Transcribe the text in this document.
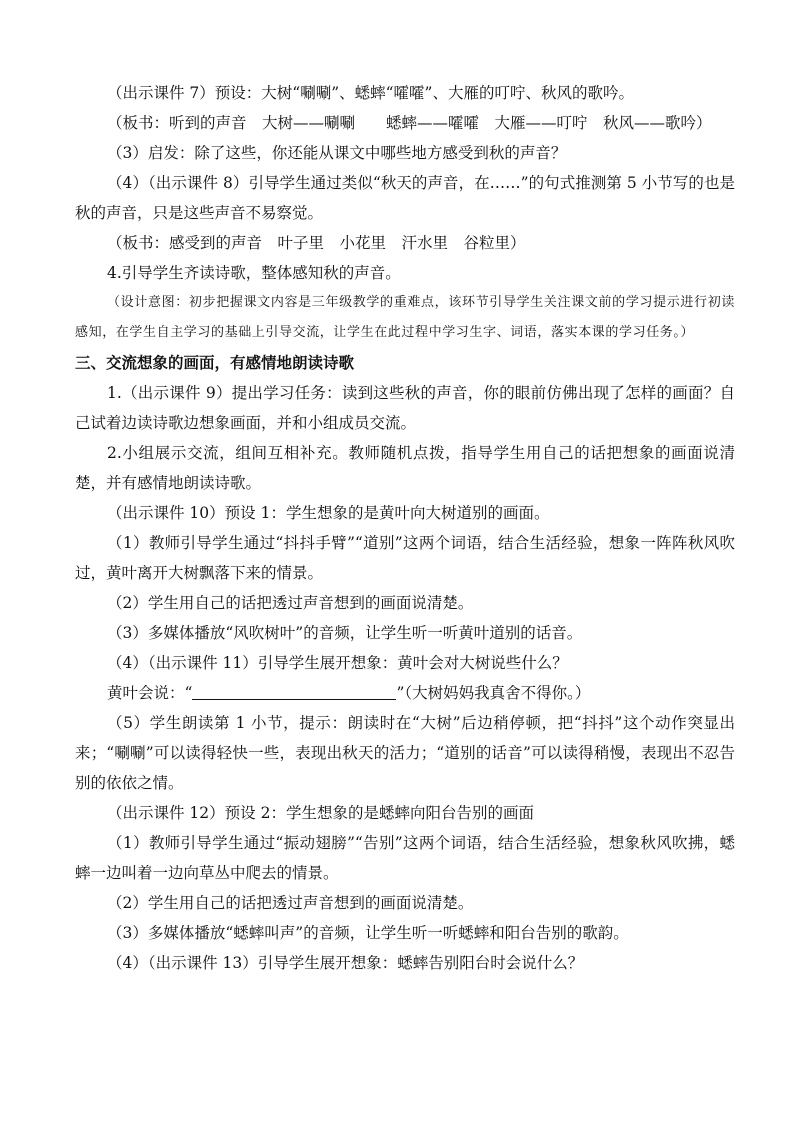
（出示课件 7）预设：大树“唰唰”、蟋蟀“嚯嚯”、大雁的叮咛、秋风的歌吟。

（板书：听到的声音　大树——唰唰　　蟋蟀——嚯嚯　大雁——叮咛　秋风——歌吟）

（3）启发：除了这些，你还能从课文中哪些地方感受到秋的声音？

（4）（出示课件 8）引导学生通过类似“秋天的声音，在……”的句式推测第 5 小节写的也是秋的声音，只是这些声音不易察觉。

（板书：感受到的声音　叶子里　小花里　汗水里　谷粒里）

4.引导学生齐读诗歌，整体感知秋的声音。

（设计意图：初步把握课文内容是三年级教学的重难点，该环节引导学生关注课文前的学习提示进行初读感知，在学生自主学习的基础上引导交流，让学生在此过程中学习生字、词语，落实本课的学习任务。）

三、交流想象的画面，有感情地朗读诗歌

1.（出示课件 9）提出学习任务：读到这些秋的声音，你的眼前仿佛出现了怎样的画面？自己试着边读诗歌边想象画面，并和小组成员交流。

2.小组展示交流，组间互相补充。教师随机点拨，指导学生用自己的话把想象的画面说清楚，并有感情地朗读诗歌。

（出示课件 10）预设 1：学生想象的是黄叶向大树道别的画面。

（1）教师引导学生通过“抖抖手臂”“道别”这两个词语，结合生活经验，想象一阵阵秋风吹过，黄叶离开大树飘落下来的情景。

（2）学生用自己的话把透过声音想到的画面说清楚。

（3）多媒体播放“风吹树叶”的音频，让学生听一听黄叶道别的话音。

（4）（出示课件 11）引导学生展开想象：黄叶会对大树说些什么？

黄叶会说：“	”（大树妈妈我真舍不得你。）

（5）学生朗读第 1 小节，提示：朗读时在“大树”后边稍停顿，把“抖抖”这个动作突显出来；“唰唰”可以读得轻快一些，表现出秋天的活力；“道别的话音”可以读得稍慢，表现出不忍告别的依依之情。

（出示课件 12）预设 2：学生想象的是蟋蟀向阳台告别的画面

（1）教师引导学生通过“振动翅膀”“告别”这两个词语，结合生活经验，想象秋风吹拂，蟋蟀一边叫着一边向草丛中爬去的情景。

（2）学生用自己的话把透过声音想到的画面说清楚。

（3）多媒体播放“蟋蟀叫声”的音频，让学生听一听蟋蟀和阳台告别的歌韵。

（4）（出示课件 13）引导学生展开想象：蟋蟀告别阳台时会说什么？
